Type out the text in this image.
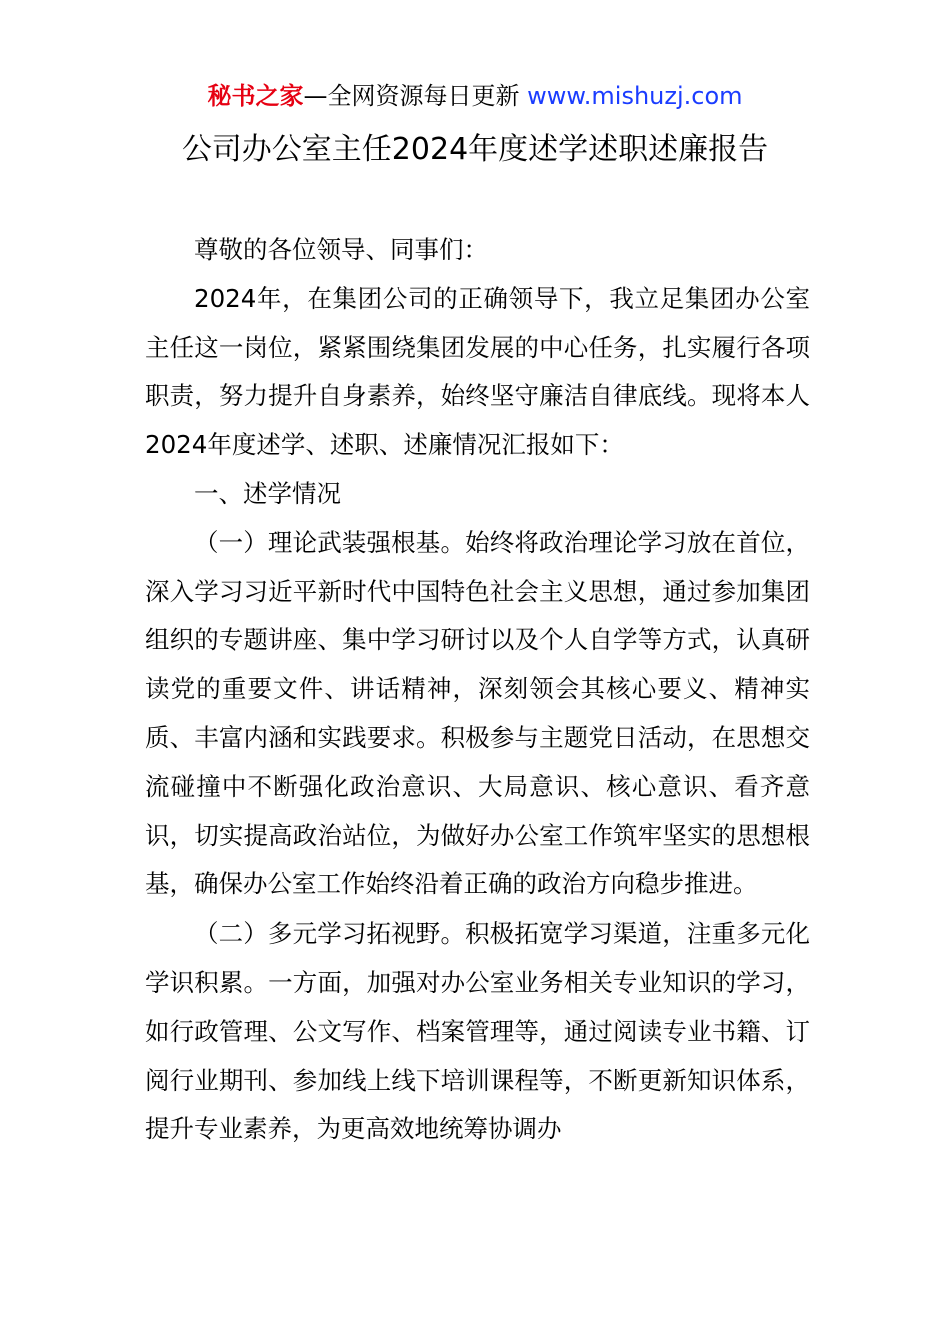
秘书之家—全网资源每日更新 www.mishuzj.com
公司办公室主任2024年度述学述职述廉报告

尊敬的各位领导、同事们：

2024年，在集团公司的正确领导下，我立足集团办公室主任这一岗位，紧紧围绕集团发展的中心任务，扎实履行各项职责，努力提升自身素养，始终坚守廉洁自律底线。现将本人2024年度述学、述职、述廉情况汇报如下：

一、述学情况

（一）理论武装强根基。始终将政治理论学习放在首位，深入学习习近平新时代中国特色社会主义思想，通过参加集团组织的专题讲座、集中学习研讨以及个人自学等方式，认真研读党的重要文件、讲话精神，深刻领会其核心要义、精神实质、丰富内涵和实践要求。积极参与主题党日活动，在思想交流碰撞中不断强化政治意识、大局意识、核心意识、看齐意识，切实提高政治站位，为做好办公室工作筑牢坚实的思想根基，确保办公室工作始终沿着正确的政治方向稳步推进。

（二）多元学习拓视野。积极拓宽学习渠道，注重多元化学识积累。一方面，加强对办公室业务相关专业知识的学习，如行政管理、公文写作、档案管理等，通过阅读专业书籍、订阅行业期刊、参加线上线下培训课程等，不断更新知识体系，提升专业素养，为更高效地统筹协调办
